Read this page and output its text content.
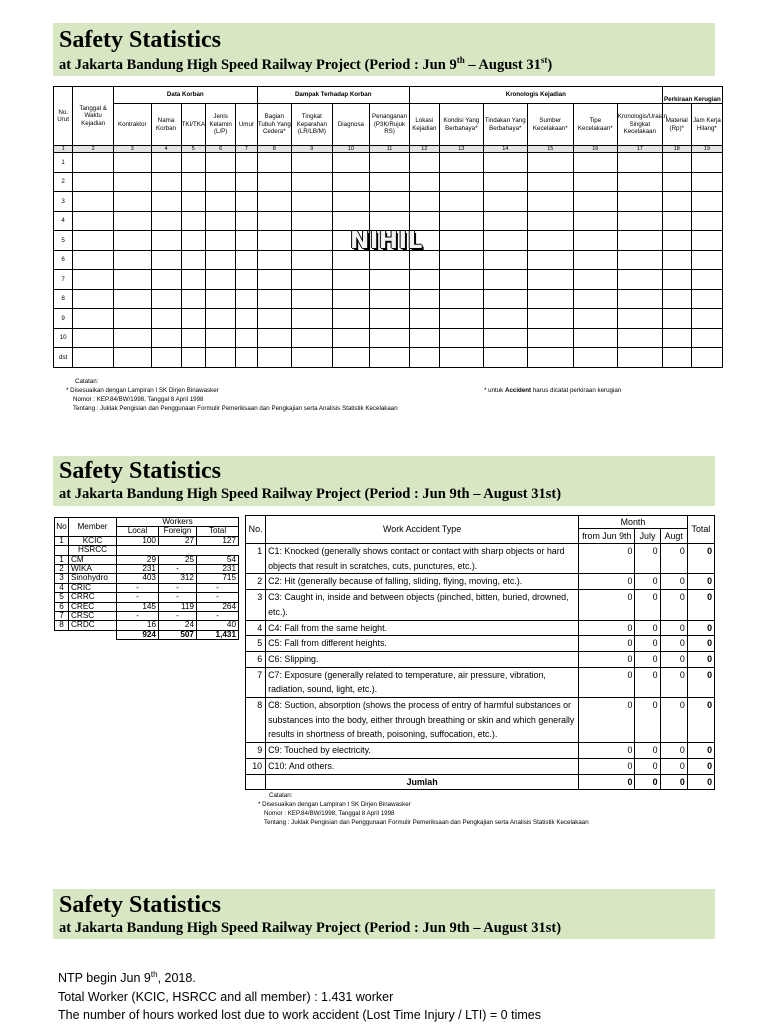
Safety Statistics
at Jakarta Bandung High Speed Railway Project (Period : Jun 9th – August 31st)
No. Urut	Tanggal & Waktu Kejadian	Data Korban					Dampak Terhadap Korban				Kronologis Kejadian						Perkiraan Kerugian	
		Kontraktor	Nama Korban	TKI/TKA	Jenis Kelamin (L/P)	Umur	Bagian Tubuh Yang Cedera*	Tingkat Keparahan (LR/LB/M)	Diagnosa	Penanganan (P3K/Rujuk RS)	Lokasi Kejadian	Kondisi Yang Berbahaya*	Tindakan Yang Berbahaya*	Sumber Kecelakaan*	Tipe Kecelakaan*	Kronologis/Uraian Singkat Kecelakaan	Material (Rp)*	Jam Kerja Hilang*
1	2	3	4	5	6	7	8	9	10	11	12	13	14	15	16	17	18	19
1																		
2																		
3																		
4																		
5																		
6																		
7																		
8																		
9																		
10																		
dst																		
NIHIL
Catatan:
* Disesuaikan dengan Lampiran I SK Dirjen Binawasker
Nomor : KEP.84/BW/1998, Tanggal 8 April 1998
Tentang : Juklak Pengisian dan Penggunaan Formulir Pemeriksaan dan Pengkajian serta Analisis Statistik Kecelakaan
* untuk Accident harus dicatat perkiraan kerugian
Safety Statistics
at Jakarta Bandung High Speed Railway Project (Period : Jun 9th – August 31st)
No	Member	Workers		
		Local	Foreign	Total
1	KCIC	100	27	127
	HSRCC			
1	CM	29	25	54
2	WIKA	231	-	231
3	Sinohydro	403	312	715
4	CRIC	-	-	-
5	CRRC	-	-	-
6	CREC	145	119	264
7	CRSC	-	-	-
8	CRDC	16	24	40
		924	507	1,431
No.	Work Accident Type	Month			Total
		from Jun 9th	July	Augt	
1	C1: Knocked (generally shows contact or contact with sharp objects or hard objects that result in scratches, cuts, punctures, etc.).	0	0	0	0
2	C2: Hit (generally because of falling, sliding, flying, moving, etc.).	0	0	0	0
3	C3: Caught in, inside and between objects (pinched, bitten, buried, drowned, etc.).	0	0	0	0
4	C4: Fall from the same height.	0	0	0	0
5	C5: Fall from different heights.	0	0	0	0
6	C6: Slipping.	0	0	0	0
7	C7: Exposure (generally related to temperature, air pressure, vibration, radiation, sound, light, etc.).	0	0	0	0
8	C8: Suction, absorption (shows the process of entry of harmful substances or substances into the body, either through breathing or skin and which generally results in shortness of breath, poisoning, suffocation, etc.).	0	0	0	0
9	C9: Touched by electricity.	0	0	0	0
10	C10: And others.	0	0	0	0
	Jumlah	0	0	0	0
Catatan:
* Disesuaikan dengan Lampiran I SK Dirjen Binawasker
Nomor : KEP.84/BW/1998, Tanggal 8 April 1998
Tentang : Juklak Pengisian dan Penggunaan Formulir Pemeriksaan dan Pengkajian serta Analisis Statistik Kecelakaan
Safety Statistics
at Jakarta Bandung High Speed Railway Project (Period : Jun 9th – August 31st)
NTP begin Jun 9th, 2018.
Total Worker (KCIC, HSRCC and all member) : 1.431 worker
The number of hours worked lost due to work accident (Lost Time Injury / LTI) = 0 times
